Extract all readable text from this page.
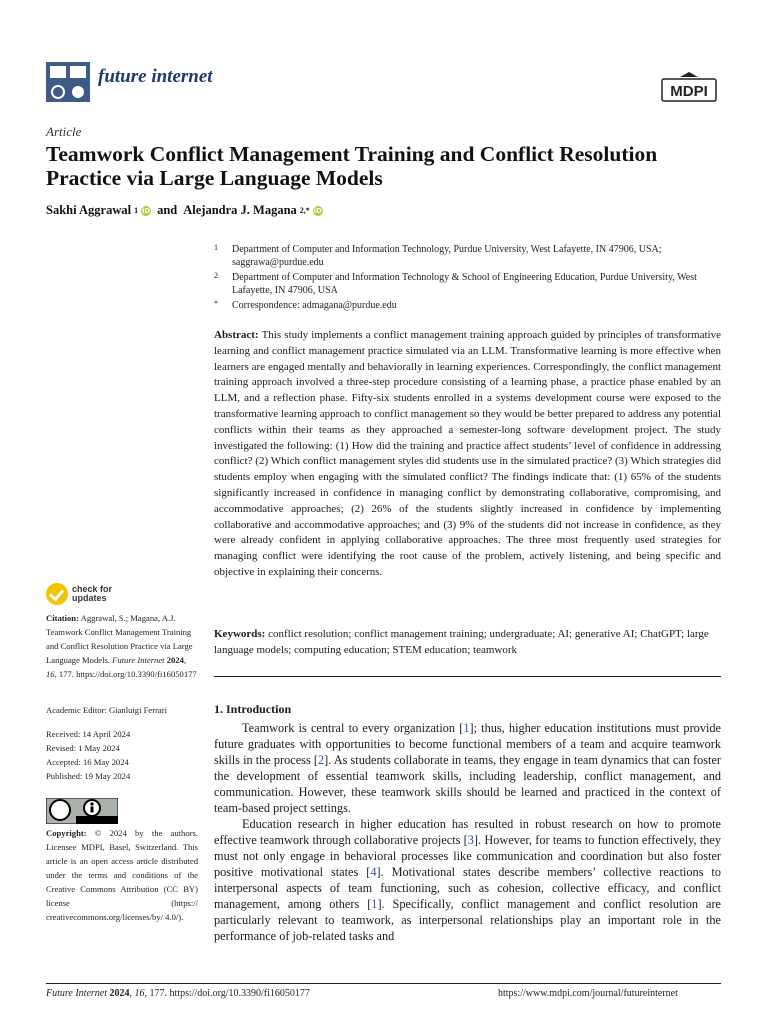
future internet
MDPI
Article
Teamwork Conflict Management Training and Conflict Resolution Practice via Large Language Models
Sakhi Aggrawal 1 iD and Alejandra J. Magana 2,* iD
1	Department of Computer and Information Technology, Purdue University, West Lafayette, IN 47906, USA; saggrawa@purdue.edu
2	Department of Computer and Information Technology & School of Engineering Education, Purdue University, West Lafayette, IN 47906, USA
*	Correspondence: admagana@purdue.edu
Abstract: This study implements a conflict management training approach guided by principles of transformative learning and conflict management practice simulated via an LLM. Transformative learning is more effective when learners are engaged mentally and behaviorally in learning experiences. Correspondingly, the conflict management training approach involved a three-step procedure consisting of a learning phase, a practice phase enabled by an LLM, and a reflection phase. Fifty-six students enrolled in a systems development course were exposed to the transformative learning approach to conflict management so they would be better prepared to address any potential conflicts within their teams as they approached a semester-long software development project. The study investigated the following: (1) How did the training and practice affect students’ level of confidence in addressing conflict? (2) Which conflict management styles did students use in the simulated practice? (3) Which strategies did students employ when engaging with the simulated conflict? The findings indicate that: (1) 65% of the students significantly increased in confidence in managing conflict by demonstrating collaborative, compromising, and accommodative approaches; (2) 26% of the students slightly increased in confidence by implementing collaborative and accommodative approaches; and (3) 9% of the students did not increase in confidence, as they were already confident in applying collaborative approaches. The three most frequently used strategies for managing conflict were identifying the root cause of the problem, actively listening, and being specific and objective in explaining their concerns.
Keywords: conflict resolution; conflict management training; undergraduate; AI; generative AI; ChatGPT; large language models; computing education; STEM education; teamwork
1. Introduction

Teamwork is central to every organization [1]; thus, higher education institutions must provide future graduates with opportunities to become functional members of a team and acquire teamwork skills in the process [2]. As students collaborate in teams, they engage in team dynamics that can foster the development of essential teamwork skills, including leadership, conflict management, and communication. However, these teamwork skills should be learned and practiced in the context of team-based project settings.

Education research in higher education has resulted in robust research on how to promote effective teamwork through collaborative projects [3]. However, for teams to function effectively, they must not only engage in behavioral processes like communication and coordination but also foster positive motivational states [4]. Motivational states describe members’ collective reactions to interpersonal aspects of team functioning, such as cohesion, collective efficacy, and conflict management, among others [1]. Specifically, conflict management and conflict resolution are particularly relevant to teamwork, as interpersonal relationships play an important role in the performance of job-related tasks and

check for
updates
Citation: Aggrawal, S.; Magana, A.J. Teamwork Conflict Management Training and Conflict Resolution Practice via Large Language Models. Future Internet 2024, 16, 177. https://doi.org/10.3390/fi16050177
Academic Editor: Gianluigi Ferrari
Received: 14 April 2024
Revised: 1 May 2024
Accepted: 16 May 2024
Published: 19 May 2024
Copyright: © 2024 by the authors. Licensee MDPI, Basel, Switzerland. This article is an open access article distributed under the terms and conditions of the Creative Commons Attribution (CC BY) license (https:// creativecommons.org/licenses/by/ 4.0/).
Future Internet 2024, 16, 177. https://doi.org/10.3390/fi16050177	https://www.mdpi.com/journal/futureinternet
